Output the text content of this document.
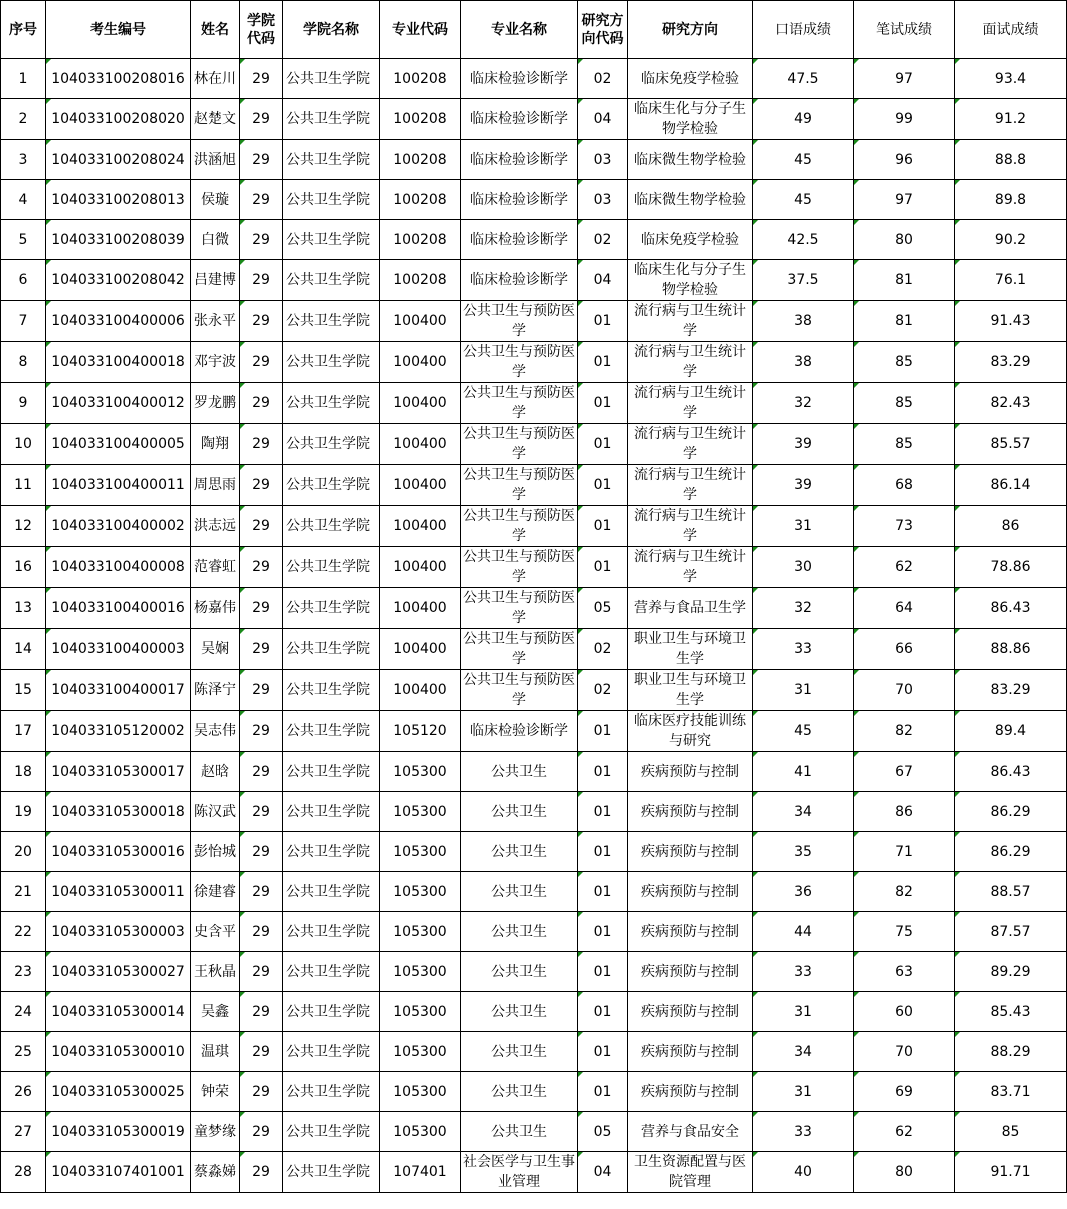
序号	考生编号	姓名	学院代码	学院名称	专业代码	专业名称	研究方向代码	研究方向	口语成绩	笔试成绩	面试成绩
1	104033100208016	林在川	29	公共卫生学院	100208	临床检验诊断学	02	临床免疫学检验	47.5	97	93.4
2	104033100208020	赵楚文	29	公共卫生学院	100208	临床检验诊断学	04	临床生化与分子生物学检验	49	99	91.2
3	104033100208024	洪涵旭	29	公共卫生学院	100208	临床检验诊断学	03	临床微生物学检验	45	96	88.8
4	104033100208013	侯璇	29	公共卫生学院	100208	临床检验诊断学	03	临床微生物学检验	45	97	89.8
5	104033100208039	白微	29	公共卫生学院	100208	临床检验诊断学	02	临床免疫学检验	42.5	80	90.2
6	104033100208042	吕建博	29	公共卫生学院	100208	临床检验诊断学	04	临床生化与分子生物学检验	37.5	81	76.1
7	104033100400006	张永平	29	公共卫生学院	100400	公共卫生与预防医学	01	流行病与卫生统计学	38	81	91.43
8	104033100400018	邓宇波	29	公共卫生学院	100400	公共卫生与预防医学	01	流行病与卫生统计学	38	85	83.29
9	104033100400012	罗龙鹏	29	公共卫生学院	100400	公共卫生与预防医学	01	流行病与卫生统计学	32	85	82.43
10	104033100400005	陶翔	29	公共卫生学院	100400	公共卫生与预防医学	01	流行病与卫生统计学	39	85	85.57
11	104033100400011	周思雨	29	公共卫生学院	100400	公共卫生与预防医学	01	流行病与卫生统计学	39	68	86.14
12	104033100400002	洪志远	29	公共卫生学院	100400	公共卫生与预防医学	01	流行病与卫生统计学	31	73	86
16	104033100400008	范睿虹	29	公共卫生学院	100400	公共卫生与预防医学	01	流行病与卫生统计学	30	62	78.86
13	104033100400016	杨嘉伟	29	公共卫生学院	100400	公共卫生与预防医学	05	营养与食品卫生学	32	64	86.43
14	104033100400003	吴娴	29	公共卫生学院	100400	公共卫生与预防医学	02	职业卫生与环境卫生学	33	66	88.86
15	104033100400017	陈泽宁	29	公共卫生学院	100400	公共卫生与预防医学	02	职业卫生与环境卫生学	31	70	83.29
17	104033105120002	吴志伟	29	公共卫生学院	105120	临床检验诊断学	01	临床医疗技能训练与研究	45	82	89.4
18	104033105300017	赵晗	29	公共卫生学院	105300	公共卫生	01	疾病预防与控制	41	67	86.43
19	104033105300018	陈汉武	29	公共卫生学院	105300	公共卫生	01	疾病预防与控制	34	86	86.29
20	104033105300016	彭怡城	29	公共卫生学院	105300	公共卫生	01	疾病预防与控制	35	71	86.29
21	104033105300011	徐建睿	29	公共卫生学院	105300	公共卫生	01	疾病预防与控制	36	82	88.57
22	104033105300003	史含平	29	公共卫生学院	105300	公共卫生	01	疾病预防与控制	44	75	87.57
23	104033105300027	王秋晶	29	公共卫生学院	105300	公共卫生	01	疾病预防与控制	33	63	89.29
24	104033105300014	吴鑫	29	公共卫生学院	105300	公共卫生	01	疾病预防与控制	31	60	85.43
25	104033105300010	温琪	29	公共卫生学院	105300	公共卫生	01	疾病预防与控制	34	70	88.29
26	104033105300025	钟荣	29	公共卫生学院	105300	公共卫生	01	疾病预防与控制	31	69	83.71
27	104033105300019	童梦缘	29	公共卫生学院	105300	公共卫生	05	营养与食品安全	33	62	85
28	104033107401001	蔡淼娣	29	公共卫生学院	107401	社会医学与卫生事业管理	04	卫生资源配置与医院管理	40	80	91.71
